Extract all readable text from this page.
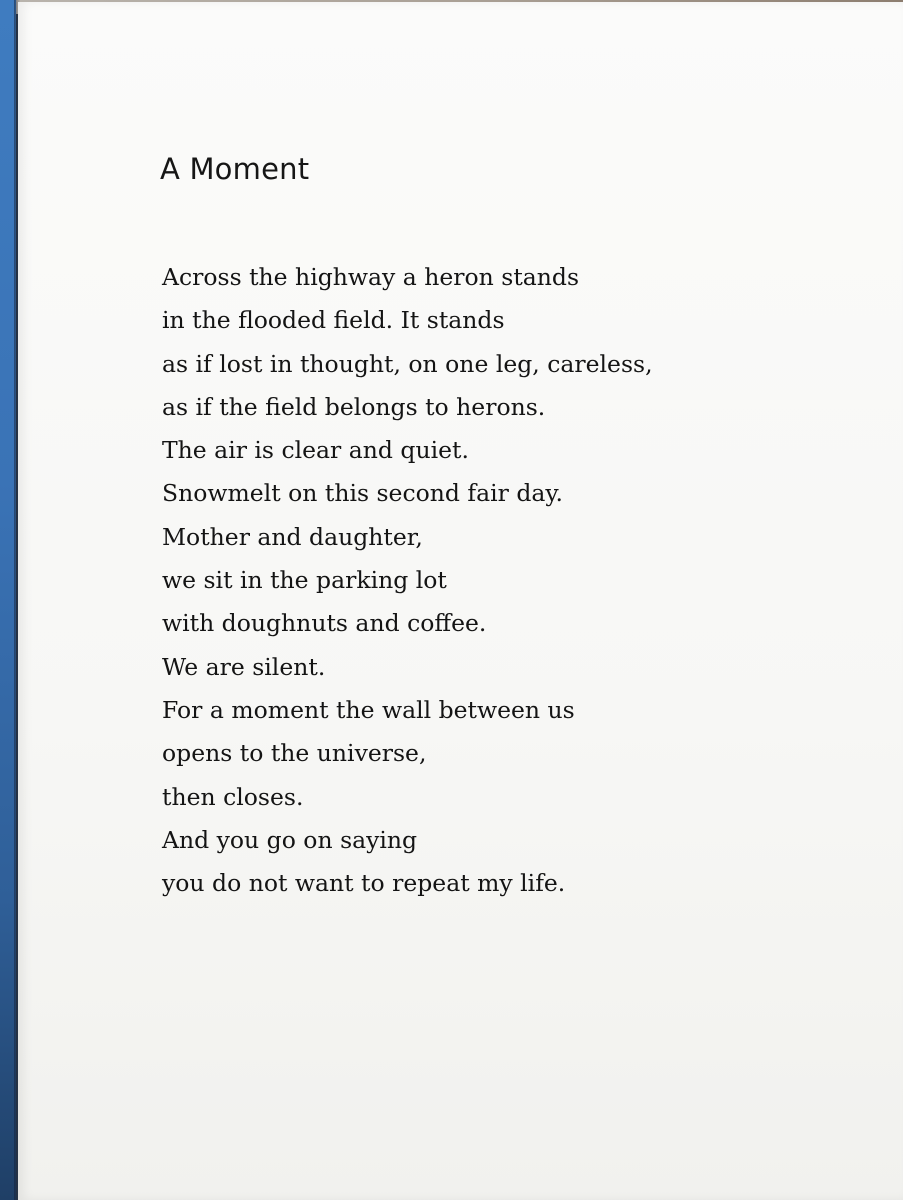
A Moment
Across the highway a heron stands
in the flooded field. It stands
as if lost in thought, on one leg, careless,
as if the field belongs to herons.
The air is clear and quiet.
Snowmelt on this second fair day.
Mother and daughter,
we sit in the parking lot
with doughnuts and coffee.
We are silent.
For a moment the wall between us
opens to the universe,
then closes.
And you go on saying
you do not want to repeat my life.
